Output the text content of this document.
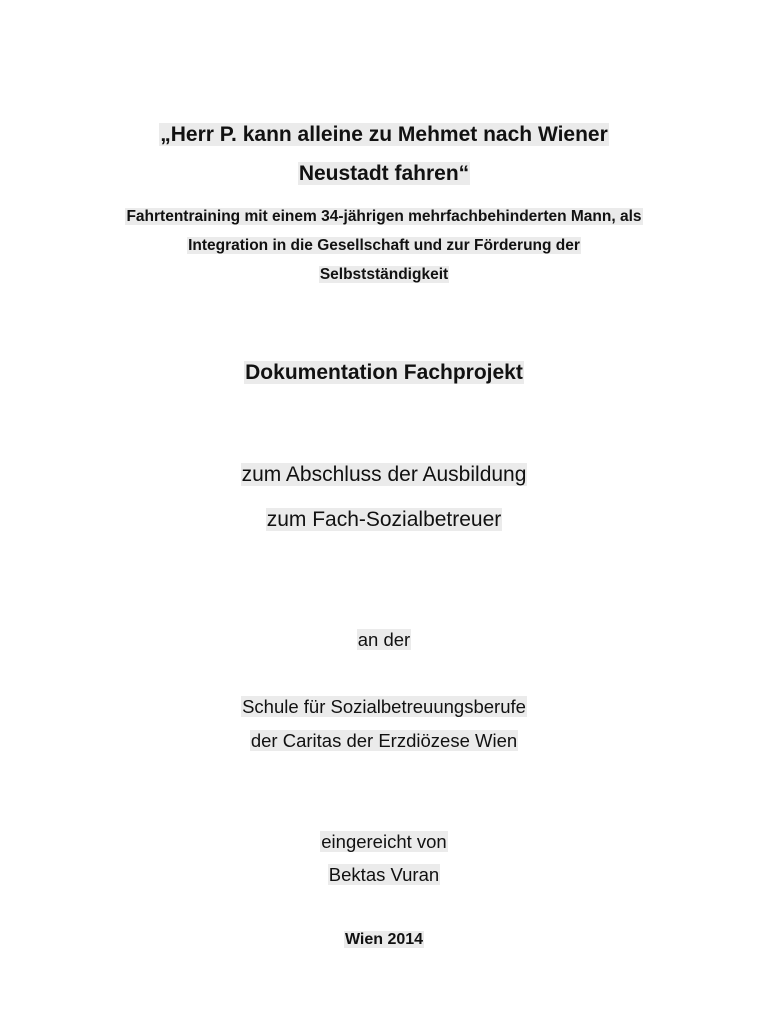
„Herr P. kann alleine zu Mehmet nach Wiener
Neustadt fahren“
Fahrtentraining mit einem 34-jährigen mehrfachbehinderten Mann, als
Integration in die Gesellschaft und zur Förderung der
Selbstständigkeit
Dokumentation Fachprojekt
zum Abschluss der Ausbildung
zum Fach-Sozialbetreuer
an der
Schule für Sozialbetreuungsberufe
der Caritas der Erzdiözese Wien
eingereicht von
Bektas Vuran
Wien 2014
